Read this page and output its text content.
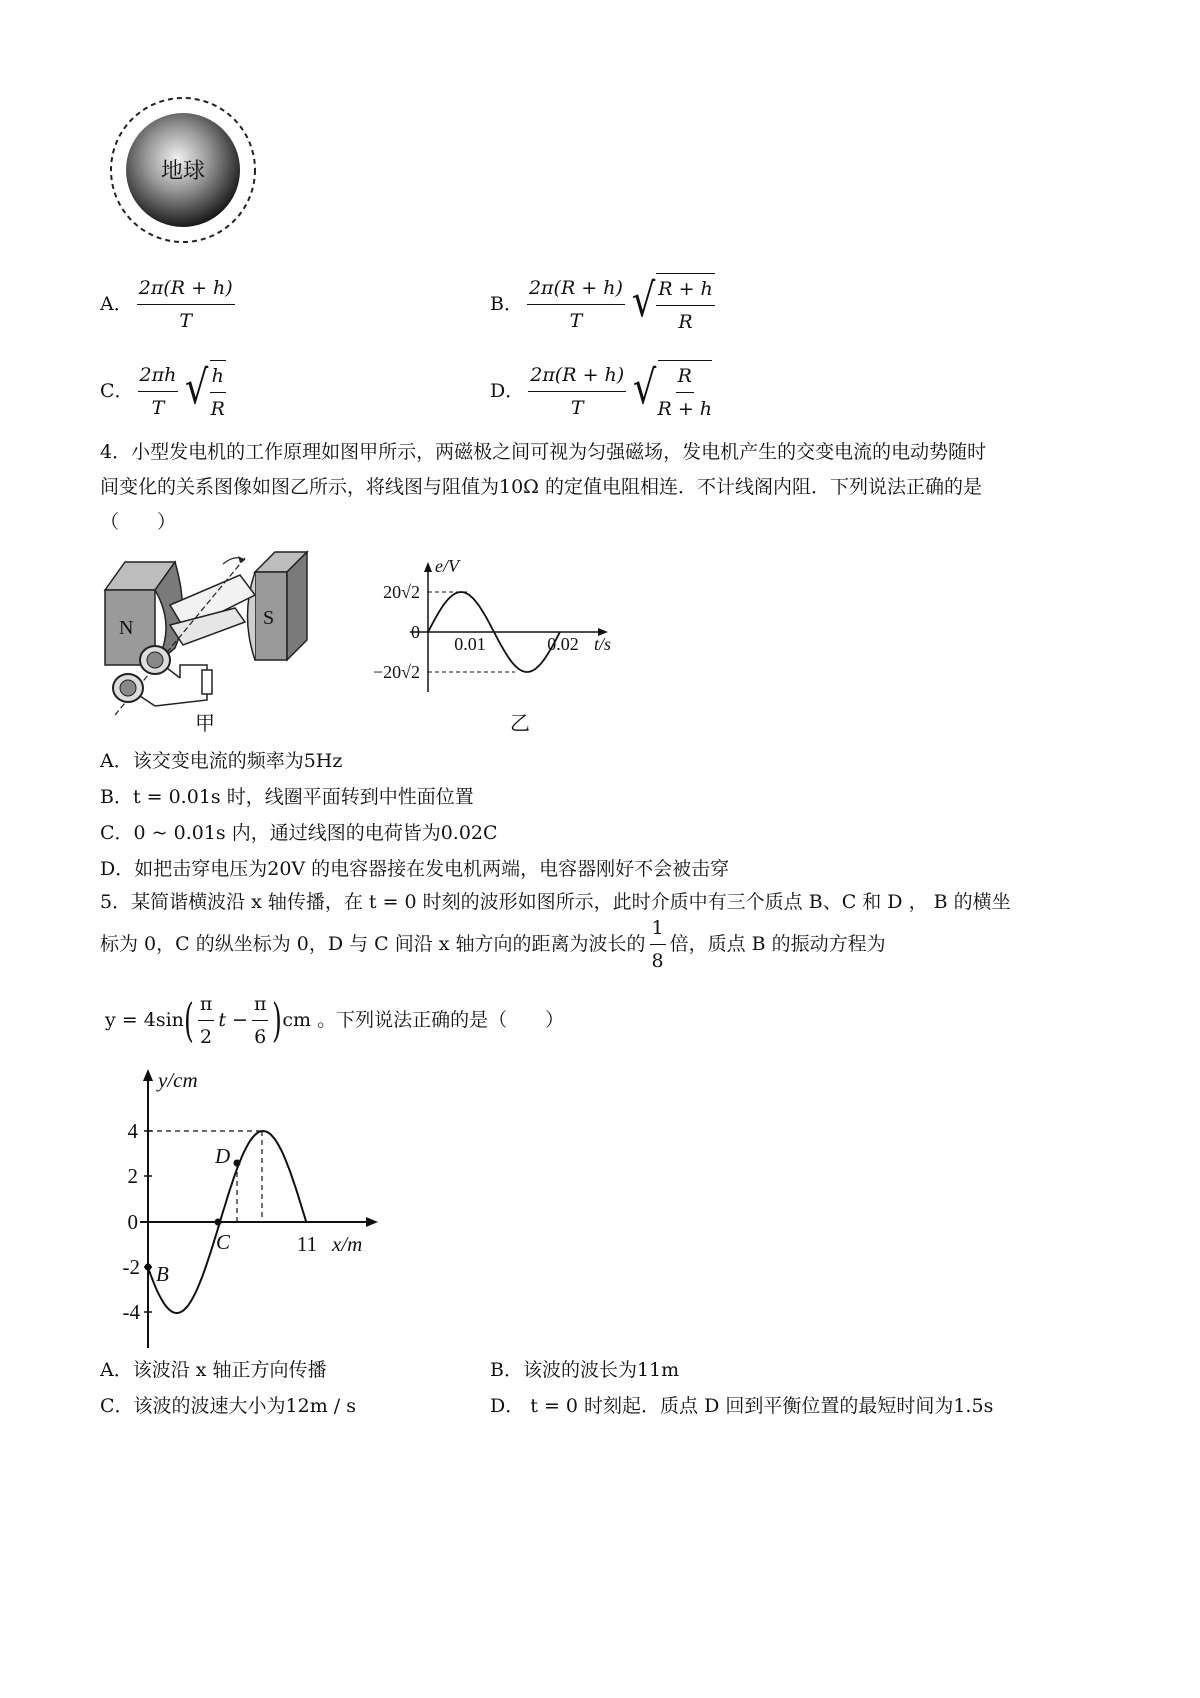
地球
A． $\frac{2\pi(R + h)}{T}$	B． $\frac{2\pi(R + h)}{T}$ √ $\frac{R + h}{R}$
C． $\frac{2\pi h}{T}$ √ $\frac{h}{R}$	D． $\frac{2\pi(R + h)}{T}$ √ $\frac{R}{R + h}$
4．小型发电机的工作原理如图甲所示，两磁极之间可视为匀强磁场，发电机产生的交变电流的电动势随时
间变化的关系图像如图乙所示，将线图与阻值为10Ω 的定值电阻相连．不计线阁内阻．下列说法正确的是
（　　）
N	S
甲
e/V
t/s
20√2
0
−20√2
0.01	0.02
乙
A．该交变电流的频率为5Hz
B．t = 0.01s 时，线圈平面转到中性面位置
C．0 ~ 0.01s 内，通过线图的电荷皆为0.02C
D．如把击穿电压为20V 的电容器接在发电机两端，电容器刚好不会被击穿
5．某简谐横波沿 x 轴传播，在 t = 0 时刻的波形如图所示，此时介质中有三个质点 B、C 和 D ， B 的横坐
标为 0，C 的纵坐标为 0，D 与 C 间沿 x 轴方向的距离为波长的 $\frac{1}{8}$ 倍，质点 B 的振动方程为
y = 4sin ( $\frac{\pi}{2}$ $t - \frac{\pi}{6}$ ) cm 。下列说法正确的是（　　）
y/cm
x/m
4
2
0
-2
-4
11
B
C
D
A．该波沿 x 轴正方向传播	B．该波的波长为11m
C．该波的波速大小为12m / s	D． t = 0 时刻起．质点 D 回到平衡位置的最短时间为1.5s
